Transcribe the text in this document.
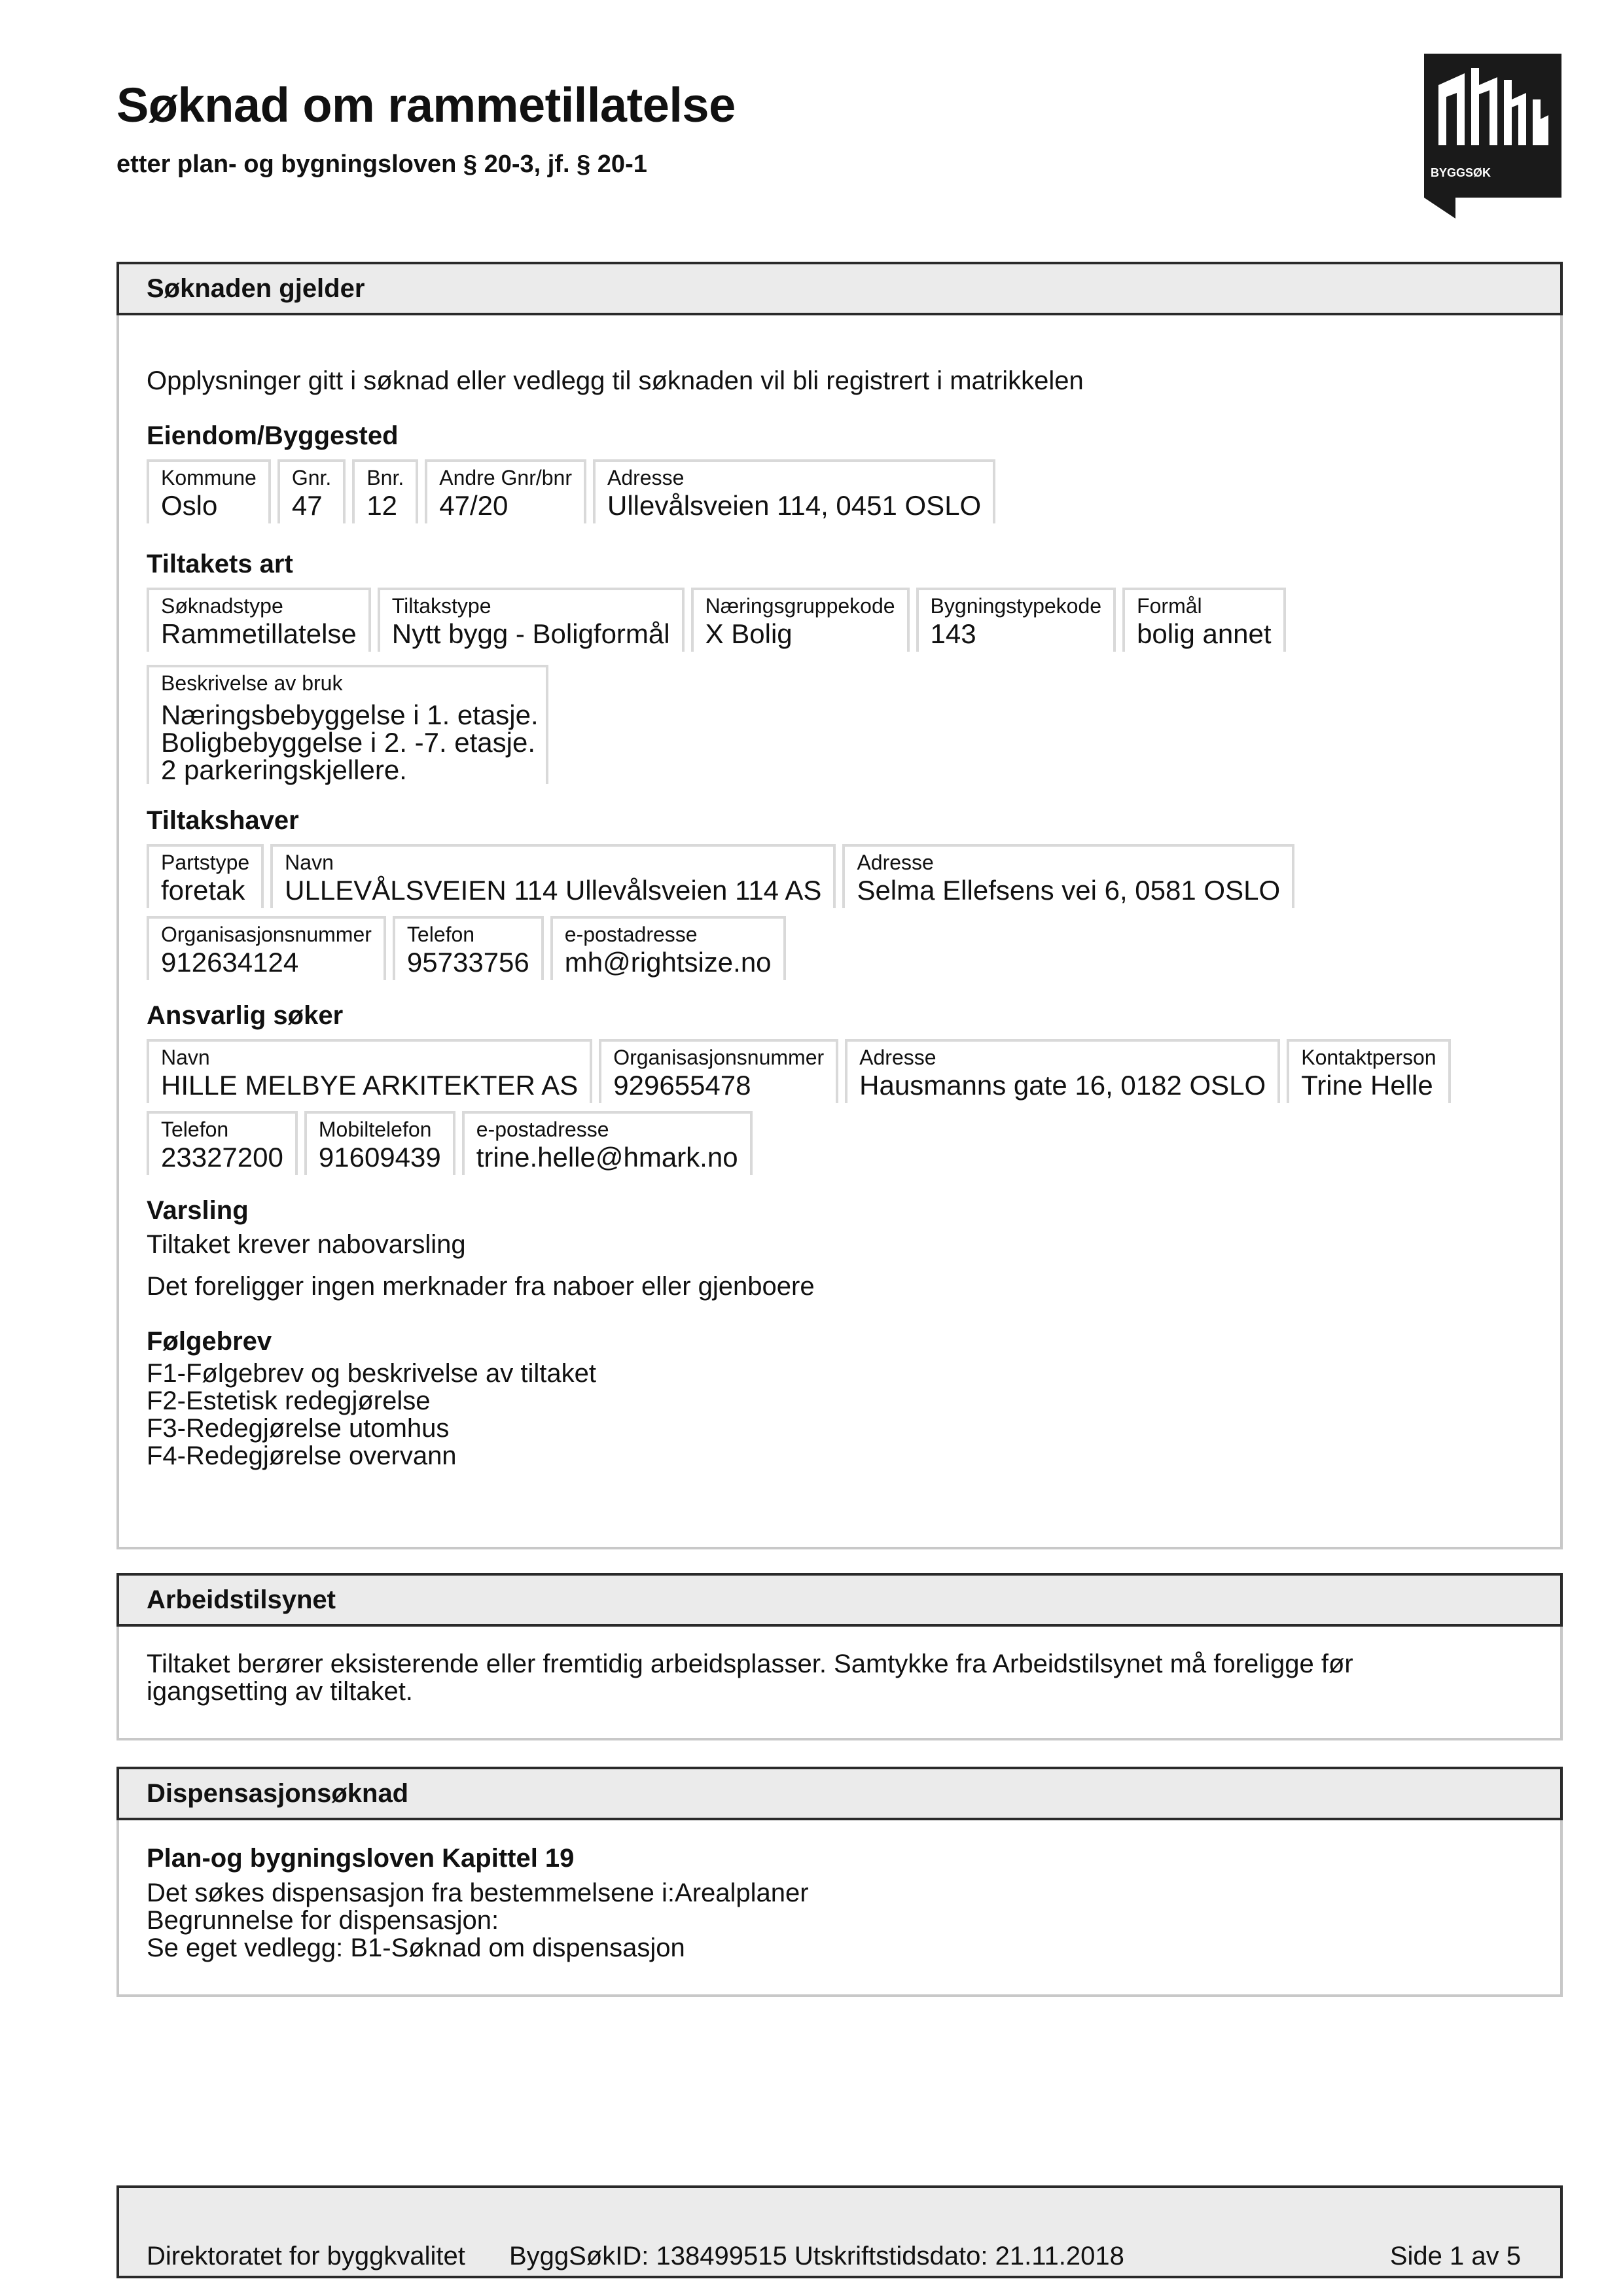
Søknad om rammetillatelse
etter plan- og bygningsloven § 20-3, jf. § 20-1	BYGGSØK
Søknaden gjelder
Opplysninger gitt i søknad eller vedlegg til søknaden vil bli registrert i matrikkelen
Eiendom/Byggested
Kommune
Oslo
Gnr.
47
Bnr.
12
Andre Gnr/bnr
47/20
Adresse
Ullevålsveien 114, 0451 OSLO
Tiltakets art
Søknadstype
Rammetillatelse
Tiltakstype
Nytt bygg - Boligformål
Næringsgruppekode
X Bolig
Bygningstypekode
143
Formål
bolig annet
Beskrivelse av bruk
Næringsbebyggelse i 1. etasje.
Boligbebyggelse i 2. -7. etasje.
2 parkeringskjellere.
Tiltakshaver
Partstype
foretak
Navn
ULLEVÅLSVEIEN 114 Ullevålsveien 114 AS
Adresse
Selma Ellefsens vei 6, 0581 OSLO
Organisasjonsnummer
912634124
Telefon
95733756
e-postadresse
mh@rightsize.no
Ansvarlig søker
Navn
HILLE MELBYE ARKITEKTER AS
Organisasjonsnummer
929655478
Adresse
Hausmanns gate 16, 0182 OSLO
Kontaktperson
Trine Helle
Telefon
23327200
Mobiltelefon
91609439
e-postadresse
trine.helle@hmark.no
Varsling
Tiltaket krever nabovarsling
Det foreligger ingen merknader fra naboer eller gjenboere
Følgebrev
F1-Følgebrev og beskrivelse av tiltaket
F2-Estetisk redegjørelse
F3-Redegjørelse utomhus
F4-Redegjørelse overvann
Arbeidstilsynet
Tiltaket berører eksisterende eller fremtidig arbeidsplasser. Samtykke fra Arbeidstilsynet må foreligge før
igangsetting av tiltaket.
Dispensasjonsøknad
Plan-og bygningsloven Kapittel 19
Det søkes dispensasjon fra bestemmelsene i:Arealplaner
Begrunnelse for dispensasjon:
Se eget vedlegg: B1-Søknad om dispensasjon
Direktoratet for byggkvalitet ByggSøkID: 138499515 Utskriftstidsdato: 21.11.2018	Side 1 av 5
